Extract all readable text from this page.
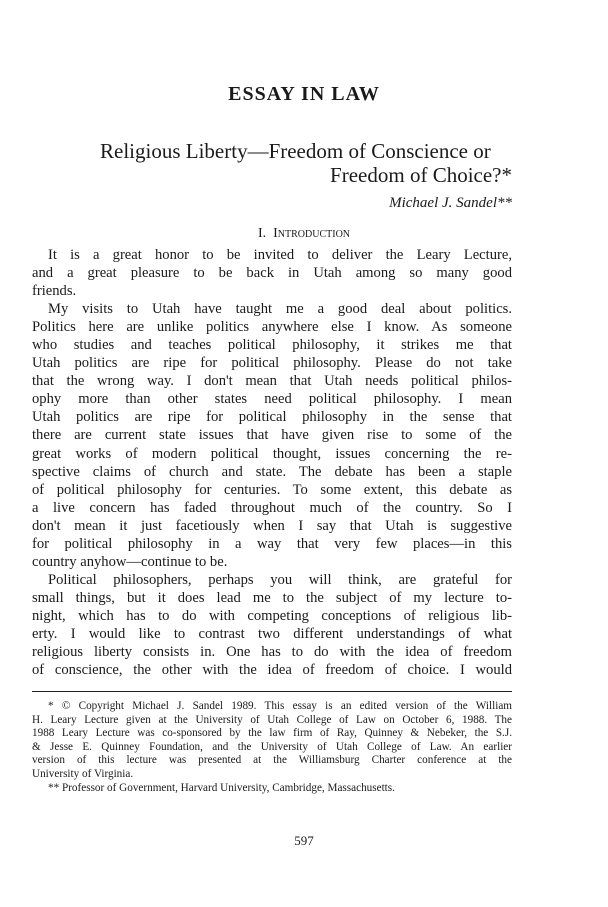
ESSAY IN LAW
Religious Liberty—Freedom of Conscience or
Freedom of Choice?*
Michael J. Sandel**
I. Introduction
It is a great honor to be invited to deliver the Leary Lecture,
and a great pleasure to be back in Utah among so many good
friends.
My visits to Utah have taught me a good deal about politics.
Politics here are unlike politics anywhere else I know. As someone
who studies and teaches political philosophy, it strikes me that
Utah politics are ripe for political philosophy. Please do not take
that the wrong way. I don't mean that Utah needs political philos-
ophy more than other states need political philosophy. I mean
Utah politics are ripe for political philosophy in the sense that
there are current state issues that have given rise to some of the
great works of modern political thought, issues concerning the re-
spective claims of church and state. The debate has been a staple
of political philosophy for centuries. To some extent, this debate as
a live concern has faded throughout much of the country. So I
don't mean it just facetiously when I say that Utah is suggestive
for political philosophy in a way that very few places—in this
country anyhow—continue to be.
Political philosophers, perhaps you will think, are grateful for
small things, but it does lead me to the subject of my lecture to-
night, which has to do with competing conceptions of religious lib-
erty. I would like to contrast two different understandings of what
religious liberty consists in. One has to do with the idea of freedom
of conscience, the other with the idea of freedom of choice. I would
* © Copyright Michael J. Sandel 1989. This essay is an edited version of the William
H. Leary Lecture given at the University of Utah College of Law on October 6, 1988. The
1988 Leary Lecture was co-sponsored by the law firm of Ray, Quinney & Nebeker, the S.J.
& Jesse E. Quinney Foundation, and the University of Utah College of Law. An earlier
version of this lecture was presented at the Williamsburg Charter conference at the
University of Virginia.
** Professor of Government, Harvard University, Cambridge, Massachusetts.
597
